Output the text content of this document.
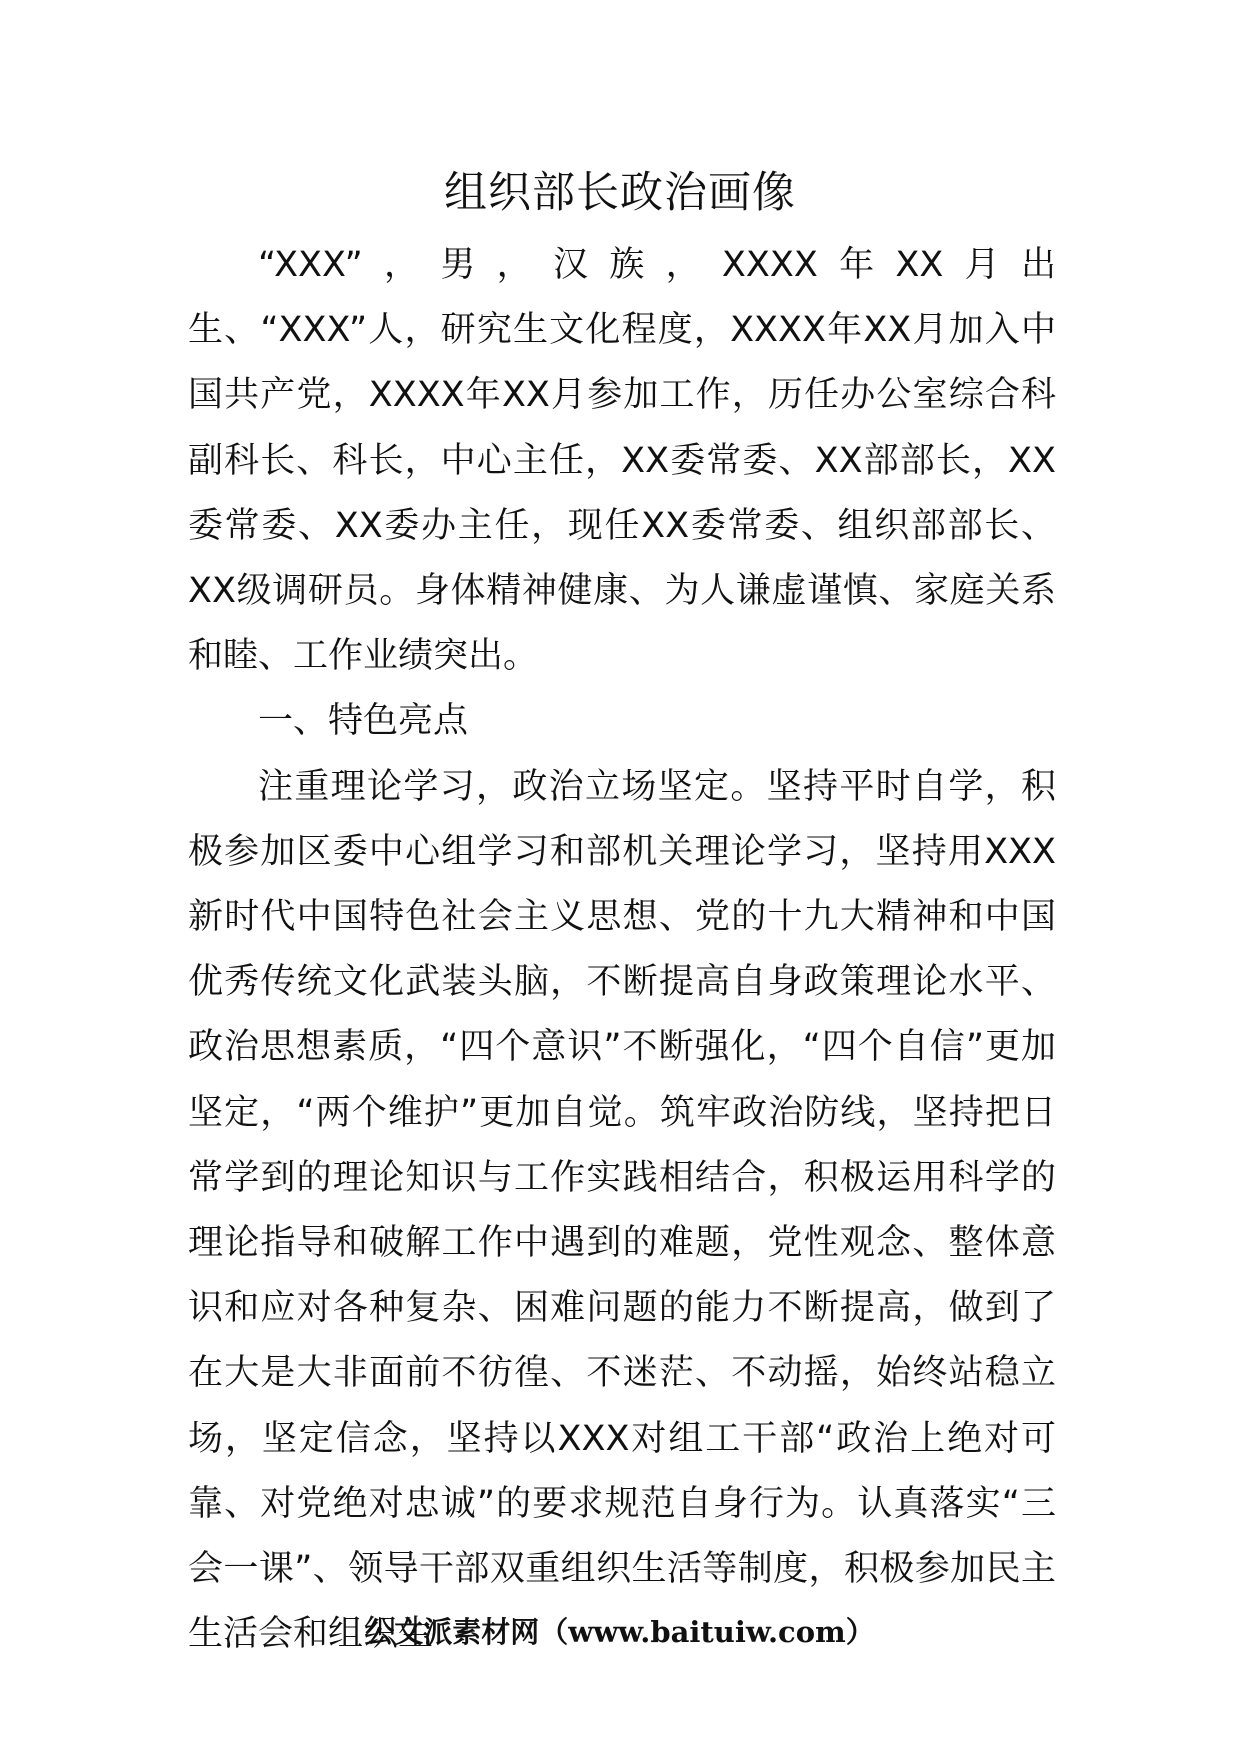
组织部长政治画像

“XXX”，男，汉族，XXXX年XX月出生、“XXX”人，研究生文化程度，XXXX年XX月加入中国共产党，XXXX年XX月参加工作，历任办公室综合科副科长、科长，中心主任，XX委常委、XX部部长，XX委常委、XX委办主任，现任XX委常委、组织部部长、XX级调研员。身体精神健康、为人谦虚谨慎、家庭关系和睦、工作业绩突出。

一、特色亮点

注重理论学习，政治立场坚定。坚持平时自学，积极参加区委中心组学习和部机关理论学习，坚持用XXX新时代中国特色社会主义思想、党的十九大精神和中国优秀传统文化武装头脑，不断提高自身政策理论水平、政治思想素质，“四个意识”不断强化，“四个自信”更加坚定，“两个维护”更加自觉。筑牢政治防线，坚持把日常学到的理论知识与工作实践相结合，积极运用科学的理论指导和破解工作中遇到的难题，党性观念、整体意识和应对各种复杂、困难问题的能力不断提高，做到了在大是大非面前不彷徨、不迷茫、不动摇，始终站稳立场，坚定信念，坚持以XXX对组工干部“政治上绝对可靠、对党绝对忠诚”的要求规范自身行为。认真落实“三会一课”、领导干部双重组织生活等制度，积极参加民主生活会和组织生

公文派素材网（www.baituiw.com）
